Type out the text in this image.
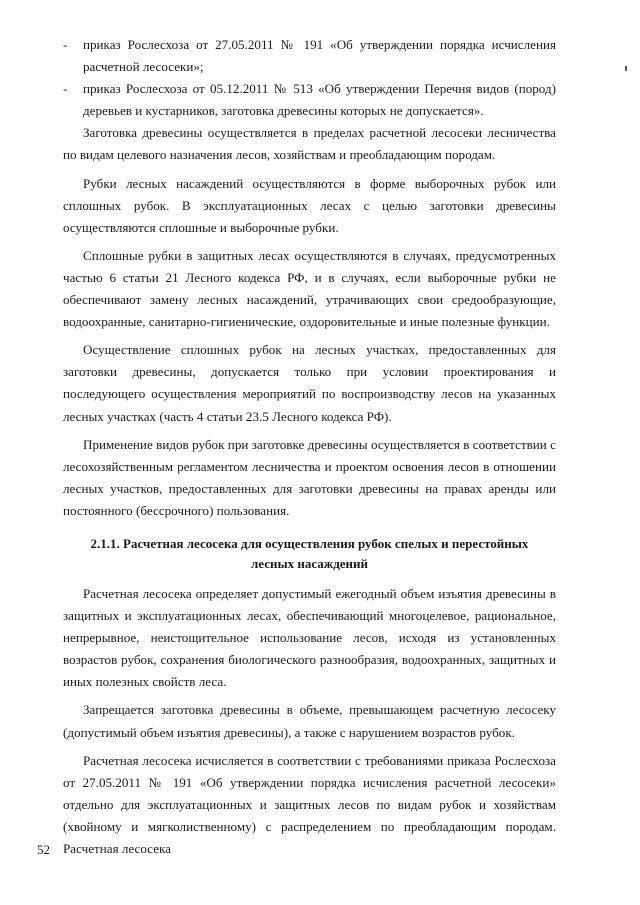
- приказ Рослесхоза от 27.05.2011 № 191 «Об утверждении порядка исчисления расчетной лесосеки»;
- приказ Рослесхоза от 05.12.2011 № 513 «Об утверждении Перечня видов (пород) деревьев и кустарников, заготовка древесины которых не допускается».

Заготовка древесины осуществляется в пределах расчетной лесосеки лесничества по видам целевого назначения лесов, хозяйствам и преобладающим породам.

Рубки лесных насаждений осуществляются в форме выборочных рубок или сплошных рубок. В эксплуатационных лесах с целью заготовки древесины осуществляются сплошные и выборочные рубки.

Сплошные рубки в защитных лесах осуществляются в случаях, предусмотренных частью 6 статьи 21 Лесного кодекса РФ, и в случаях, если выборочные рубки не обеспечивают замену лесных насаждений, утрачивающих свои средообразующие, водоохранные, санитарно-гигиенические, оздоровительные и иные полезные функции.

Осуществление сплошных рубок на лесных участках, предоставленных для заготовки древесины, допускается только при условии проектирования и последующего осуществления мероприятий по воспроизводству лесов на указанных лесных участках (часть 4 статьи 23.5 Лесного кодекса РФ).

Применение видов рубок при заготовке древесины осуществляется в соответствии с лесохозяйственным регламентом лесничества и проектом освоения лесов в отношении лесных участков, предоставленных для заготовки древесины на правах аренды или постоянного (бессрочного) пользования.

2.1.1. Расчетная лесосека для осуществления рубок спелых и перестойных лесных насаждений

Расчетная лесосека определяет допустимый ежегодный объем изъятия древесины в защитных и эксплуатационных лесах, обеспечивающий многоцелевое, рациональное, непрерывное, неистощительное использование лесов, исходя из установленных возрастов рубок, сохранения биологического разнообразия, водоохранных, защитных и иных полезных свойств леса.

Запрещается заготовка древесины в объеме, превышающем расчетную лесосеку (допустимый объем изъятия древесины), а также с нарушением возрастов рубок.

Расчетная лесосека исчисляется в соответствии с требованиями приказа Рослесхоза от 27.05.2011 № 191 «Об утверждении порядка исчисления расчетной лесосеки» отдельно для эксплуатационных и защитных лесов по видам рубок и хозяйствам (хвойному и мягколиственному) с распределением по преобладающим породам. Расчетная лесосека

52
